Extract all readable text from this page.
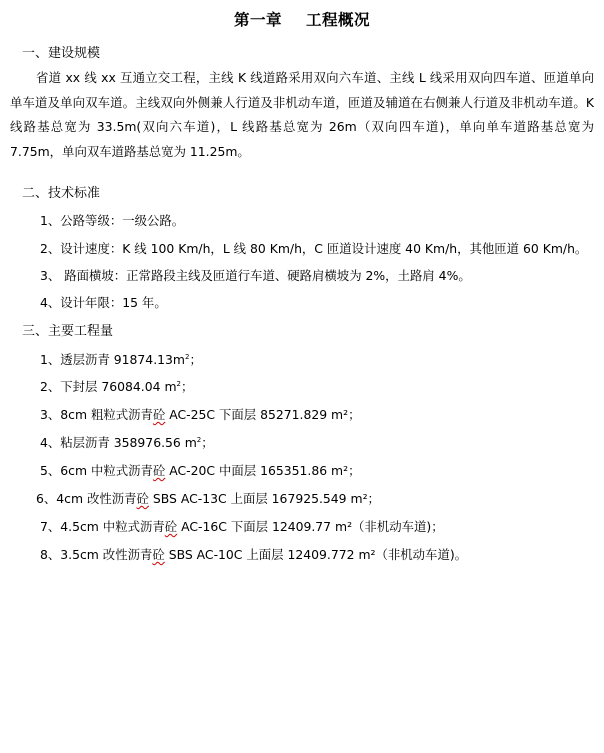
第一章 工程概况
一、建设规模
省道 xx 线 xx 互通立交工程，主线 K 线道路采用双向六车道、主线 L 线采用双向四车道、匝道单向单车道及单向双车道。主线双向外侧兼人行道及非机动车道，匝道及辅道在右侧兼人行道及非机动车道。K 线路基总宽为 33.5m(双向六车道)，L 线路基总宽为 26m（双向四车道)，单向单车道路基总宽为 7.75m，单向双车道路基总宽为 11.25m。
二、技术标准
1、公路等级：一级公路。
2、设计速度：K 线 100 Km/h，L 线 80 Km/h，C 匝道设计速度 40 Km/h，其他匝道 60 Km/h。
3、 路面横坡：正常路段主线及匝道行车道、硬路肩横坡为 2%，土路肩 4%。
4、设计年限：15 年。
三、主要工程量
1、透层沥青 $91874.13m^2$；
2、下封层 76084.04 $m^2$；
3、8cm 粗粒式沥青砼 AC-25C 下面层 85271.829 m²；
4、粘层沥青 358976.56 $m^2$；
5、6cm 中粒式沥青砼 AC-20C 中面层 165351.86 m²；
6、4cm 改性沥青砼 SBS AC-13C 上面层 167925.549 m²；
7、4.5cm 中粒式沥青砼 AC-16C 下面层 12409.77 m²（非机动车道)；
8、3.5cm 改性沥青砼 SBS AC-10C 上面层 12409.772 m²（非机动车道)。
